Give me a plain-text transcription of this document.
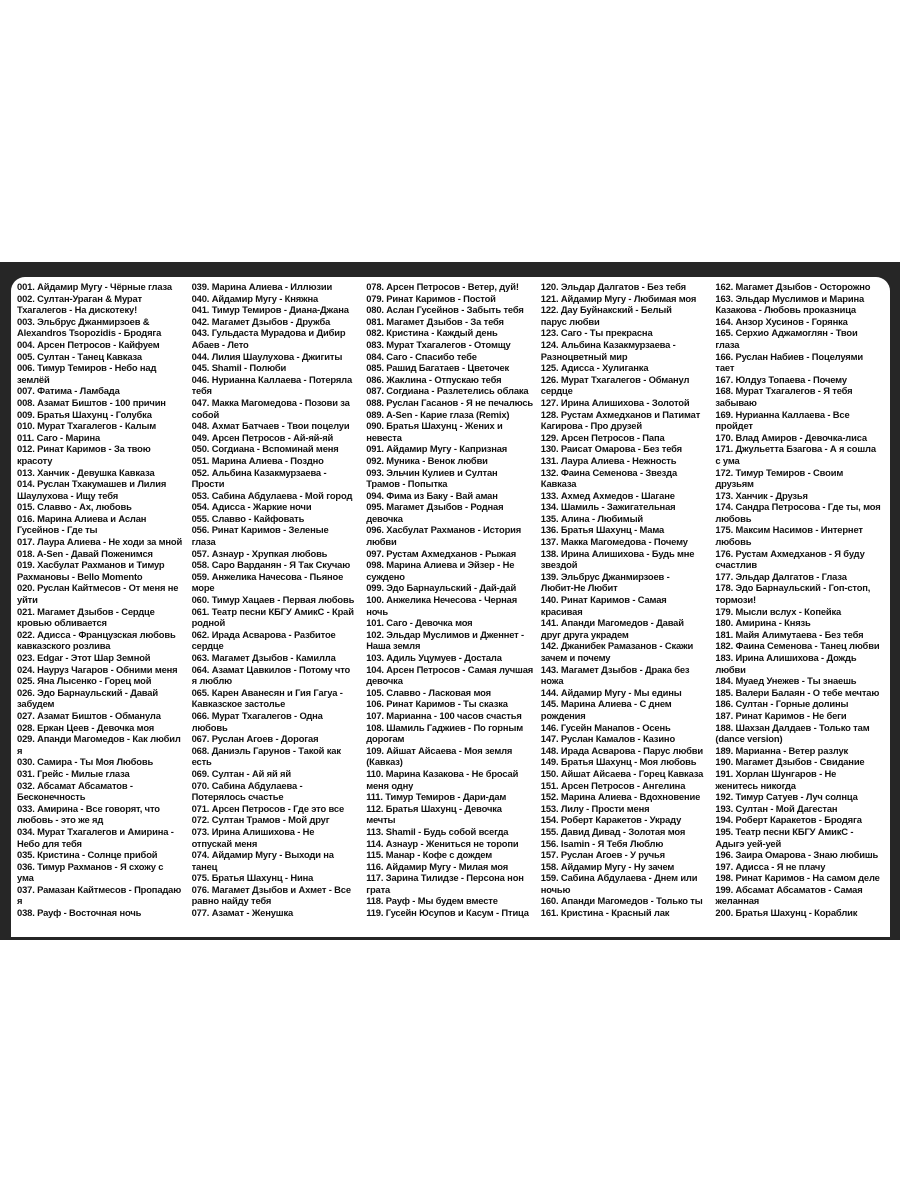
001. Айдамир Мугу - Чёрные глаза
002. Султан-Ураган & Мурат
Тхагалегов - На дискотеку!
003. Эльбрус Джанмирзоев &
Alexandros Tsopozidis - Бродяга
004. Арсен Петросов - Кайфуем
005. Султан - Танец Кавказа
006. Тимур Темиров - Небо над
землёй
007. Фатима - Ламбада
008. Азамат Биштов - 100 причин
009. Братья Шахунц - Голубка
010. Мурат Тхагалегов - Калым
011. Саго - Марина
012. Ринат Каримов - За твою
красоту
013. Ханчик - Девушка Кавказа
014. Руслан Тхакумашев и Лилия
Шаулухова - Ищу тебя
015. Славво - Ах, любовь
016. Марина Алиева и Аслан
Гусейнов - Где ты
017. Лаура Алиева - Не ходи за мной
018. A-Sen - Давай Поженимся
019. Хасбулат Рахманов и Тимур
Рахмановы - Bello Momento
020. Руслан Кайтмесов - От меня не
уйти
021. Магамет Дзыбов - Сердце
кровью обливается
022. Адисса - Французская любовь
кавказского розлива
023. Edgar - Этот Шар Земной
024. Науруз Чагаров - Обними меня
025. Яна Лысенко - Горец мой
026. Эдо Барнаульский - Давай
забудем
027. Азамат Биштов - Обманула
028. Еркан Цеев - Девочка моя
029. Апанди Магомедов - Как любил
я
030. Самира - Ты Моя Любовь
031. Грейс - Милые глаза
032. Абсамат Абсаматов -
Бесконечность
033. Амирина - Все говорят, что
любовь - это же яд
034. Мурат Тхагалегов и Амирина -
Небо для тебя
035. Кристина - Солнце прибой
036. Тимур Рахманов - Я схожу с
ума
037. Рамазан Кайтмесов - Пропадаю
я
038. Рауф - Восточная ночь
039. Марина Алиева - Иллюзии
040. Айдамир Мугу - Княжна
041. Тимур Темиров - Диана-Джана
042. Магамет Дзыбов - Дружба
043. Гульдаста Мурадова и Дибир
Абаев - Лето
044. Лилия Шаулухова - Джигиты
045. Shamil - Полюби
046. Нурианна Каллаева - Потеряла
тебя
047. Макка Магомедова - Позови за
собой
048. Ахмат Батчаев - Твои поцелуи
049. Арсен Петросов - Ай-яй-яй
050. Согдиана - Вспоминай меня
051. Марина Алиева - Поздно
052. Альбина Казакмурзаева -
Прости
053. Сабина Абдулаева - Мой город
054. Адисса - Жаркие ночи
055. Славво - Кайфовать
056. Ринат Каримов - Зеленые
глаза
057. Азнаур - Хрупкая любовь
058. Саро Варданян - Я Так Скучаю
059. Анжелика Начесова - Пьяное
море
060. Тимур Хацаев - Первая любовь
061. Театр песни КБГУ АмикС - Край
родной
062. Ирада Асварова - Разбитое
сердце
063. Магамет Дзыбов - Камилла
064. Азамат Цавкилов - Потому что
я люблю
065. Карен Аванесян и Гия Гагуа -
Кавказское застолье
066. Мурат Тхагалегов - Одна
любовь
067. Руслан Агоев - Дорогая
068. Даниэль Гарунов - Такой как
есть
069. Султан - Ай яй яй
070. Сабина Абдулаева -
Потерялось счастье
071. Арсен Петросов - Где это все
072. Султан Трамов - Мой друг
073. Ирина Алишихова - Не
отпускай меня
074. Айдамир Мугу - Выходи на
танец
075. Братья Шахунц - Нина
076. Магамет Дзыбов и Ахмет - Все
равно найду тебя
077. Азамат - Женушка
078. Арсен Петросов - Ветер, дуй!
079. Ринат Каримов - Постой
080. Аслан Гусейнов - Забыть тебя
081. Магамет Дзыбов - За тебя
082. Кристина - Каждый день
083. Мурат Тхагалегов - Отомщу
084. Саго - Спасибо тебе
085. Рашид Багатаев - Цветочек
086. Жаклина - Отпускаю тебя
087. Согдиана - Разлетелись облака
088. Руслан Гасанов - Я не печалюсь
089. A-Sen - Карие глаза (Remix)
090. Братья Шахунц - Жених и
невеста
091. Айдамир Мугу - Капризная
092. Муника - Венок любви
093. Эльчин Кулиев и Султан
Трамов - Попытка
094. Фима из Баку - Вай аман
095. Магамет Дзыбов - Родная
девочка
096. Хасбулат Рахманов - История
любви
097. Рустам Ахмедханов - Рыжая
098. Марина Алиева и Эйзер - Не
суждено
099. Эдо Барнаульский - Дай-дай
100. Анжелика Нечесова - Черная
ночь
101. Саго - Девочка моя
102. Эльдар Муслимов и Дженнет -
Наша земля
103. Адиль Уцумуев - Достала
104. Арсен Петросов - Самая лучшая
девочка
105. Славво - Ласковая моя
106. Ринат Каримов - Ты сказка
107. Марианна - 100 часов счастья
108. Шамиль Гаджиев - По горным
дорогам
109. Айшат Айсаева - Моя земля
(Кавказ)
110. Марина Казакова - Не бросай
меня одну
111. Тимур Темиров - Дари-дам
112. Братья Шахунц - Девочка
мечты
113. Shamil - Будь собой всегда
114. Азнаур - Жениться не торопи
115. Манар - Кофе с дождем
116. Айдамир Мугу - Милая моя
117. Зарина Тилидзе - Персона нон
грата
118. Рауф - Мы будем вместе
119. Гусейн Юсупов и Касум - Птица
120. Эльдар Далгатов - Без тебя
121. Айдамир Мугу - Любимая моя
122. Дау Буйнакский - Белый
парус любви
123. Саго - Ты прекрасна
124. Альбина Казакмурзаева -
Разноцветный мир
125. Адисса - Хулиганка
126. Мурат Тхагалегов - Обманул
сердце
127. Ирина Алишихова - Золотой
128. Рустам Ахмедханов и Патимат
Кагирова - Про друзей
129. Арсен Петросов - Папа
130. Раисат Омарова - Без тебя
131. Лаура Алиева - Нежность
132. Фаина Семенова - Звезда
Кавказа
133. Ахмед Ахмедов - Шагане
134. Шамиль - Зажигательная
135. Алина - Любимый
136. Братья Шахунц - Мама
137. Макка Магомедова - Почему
138. Ирина Алишихова - Будь мне
звездой
139. Эльбрус Джанмирзоев -
Любит-Не Любит
140. Ринат Каримов - Самая
красивая
141. Апанди Магомедов - Давай
друг друга украдем
142. Джанибек Рамазанов - Скажи
зачем и почему
143. Магамет Дзыбов - Драка без
ножа
144. Айдамир Мугу - Мы едины
145. Марина Алиева - С днем
рождения
146. Гусейн Манапов - Осень
147. Руслан Камалов - Казино
148. Ирада Асварова - Парус любви
149. Братья Шахунц - Моя любовь
150. Айшат Айсаева - Горец Кавказа
151. Арсен Петросов - Ангелина
152. Марина Алиева - Вдохновение
153. Лилу - Прости меня
154. Роберт Каракетов - Украду
155. Давид Дивад - Золотая моя
156. Isamin - Я Тебя Люблю
157. Руслан Агоев - У ручья
158. Айдамир Мугу - Ну зачем
159. Сабина Абдулаева - Днем или
ночью
160. Апанди Магомедов - Только ты
161. Кристина - Красный лак
162. Магамет Дзыбов - Осторожно
163. Эльдар Муслимов и Марина
Казакова - Любовь проказница
164. Анзор Хусинов - Горянка
165. Серхио Аджамоглян - Твои
глаза
166. Руслан Набиев - Поцелуями
тает
167. Юлдуз Топаева - Почему
168. Мурат Тхагалегов - Я тебя
забываю
169. Нурианна Каллаева - Все
пройдет
170. Влад Амиров - Девочка-лиса
171. Джульетта Бзагова - А я сошла
с ума
172. Тимур Темиров - Своим
друзьям
173. Ханчик - Друзья
174. Сандра Петросова - Где ты, моя
любовь
175. Максим Насимов - Интернет
любовь
176. Рустам Ахмедханов - Я буду
счастлив
177. Эльдар Далгатов - Глаза
178. Эдо Барнаульский - Гоп-стоп,
тормози!
179. Мысли вслух - Копейка
180. Амирина - Князь
181. Майя Алимутаева - Без тебя
182. Фаина Семенова - Танец любви
183. Ирина Алишихова - Дождь
любви
184. Муаед Унежев - Ты знаешь
185. Валери Балаян - О тебе мечтаю
186. Султан - Горные долины
187. Ринат Каримов - Не беги
188. Шахзан Далдаев - Только там
(dance version)
189. Марианна - Ветер разлук
190. Магамет Дзыбов - Свидание
191. Хорлан Шунгаров - Не
женитесь никогда
192. Тимур Сатуев - Луч солнца
193. Султан - Мой Дагестан
194. Роберт Каракетов - Бродяга
195. Театр песни КБГУ АмикС -
Адыгэ уей-уей
196. Заира Омарова - Знаю любишь
197. Адисса - Я не плачу
198. Ринат Каримов - На самом деле
199. Абсамат Абсаматов - Самая
желанная
200. Братья Шахунц - Кораблик
